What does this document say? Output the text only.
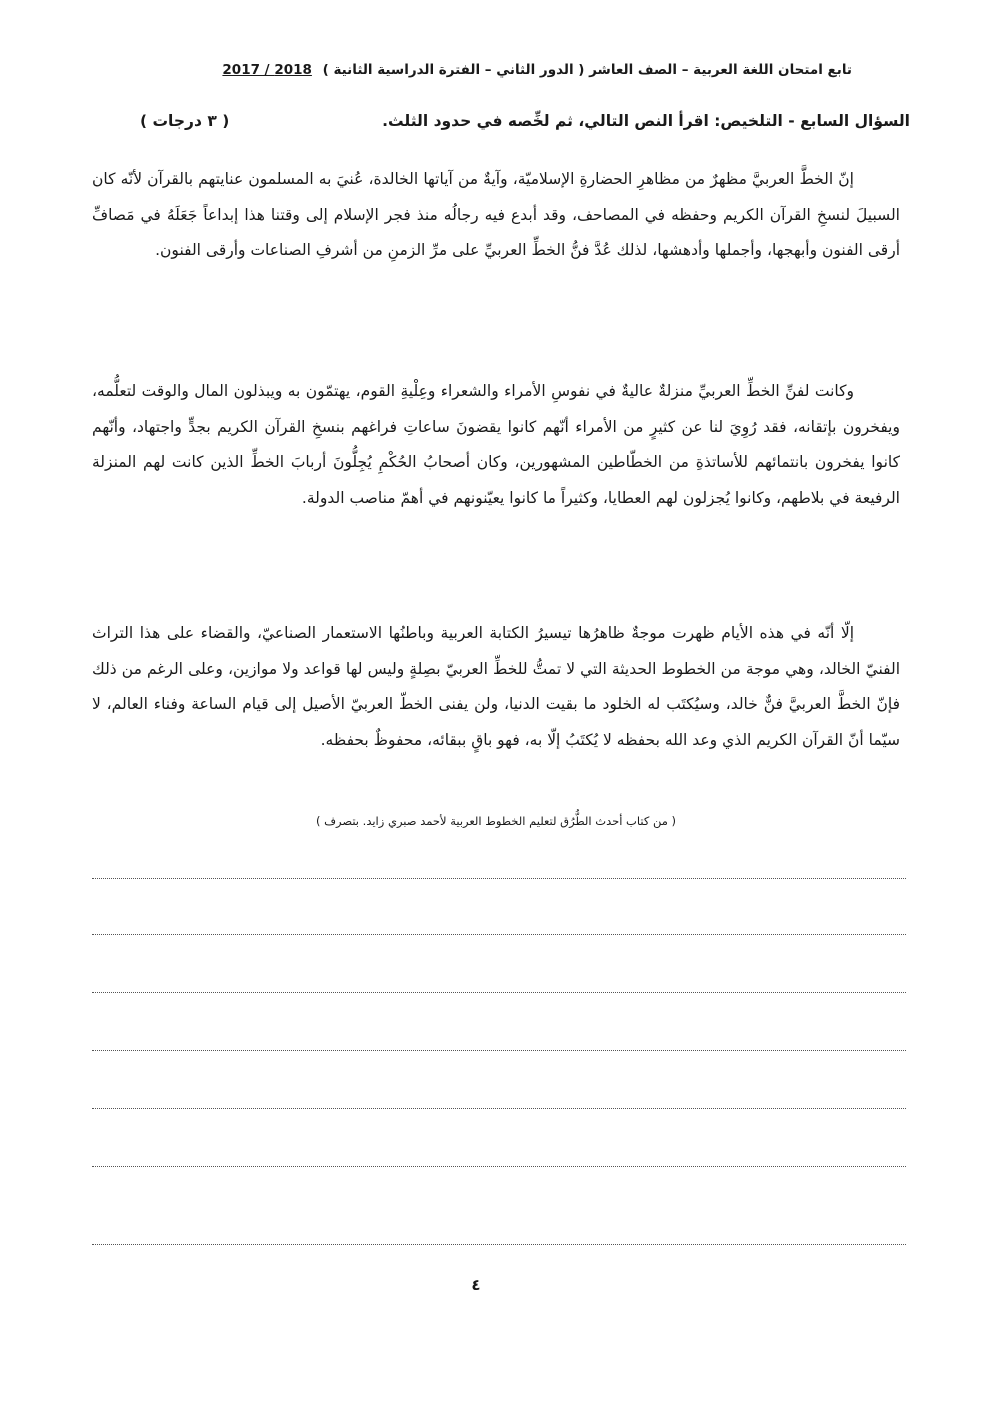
تابع امتحان اللغة العربية – الصف العاشر ( الدور الثاني – الفترة الدراسية الثانية ) 2018 / 2017
السؤال السابع - التلخيص: اقرأ النص التالي، ثم لخِّصه في حدود الثلث.
( ٣ درجات )
إنّ الخطَّ العربيَّ مظهرٌ من مظاهرِ الحضارةِ الإسلاميّة، وآيةٌ من آياتها الخالدة، عُنيَ به المسلمون عنايتهم بالقرآن لأنّه كان السبيلَ لنسخِ القرآن الكريم وحفظه في المصاحف، وقد أبدع فيه رجالُه منذ فجر الإسلام إلى وقتنا هذا إبداعاً جَعَلَهُ في مَصافِّ أرقى الفنون وأبهجها، وأجملها وأدهشها، لذلك عُدَّ فنُّ الخطِّ العربيِّ على مرِّ الزمنِ من أشرفِ الصناعات وأرقى الفنون.
وكانت لفنِّ الخطِّ العربيِّ منزلةٌ عاليةٌ في نفوسِ الأمراء والشعراء وعِلْيةِ القوم، يهتمّون به ويبذلون المال والوقت لتعلُّمه، ويفخرون بإتقانه، فقد رُوِيَ لنا عن كثيرٍ من الأمراء أنّهم كانوا يقضونَ ساعاتِ فراغهم بنسخِ القرآن الكريم بجدٍّ واجتهاد، وأنّهم كانوا يفخرون بانتمائهم للأساتذةِ من الخطّاطين المشهورين، وكان أصحابُ الحُكْمِ يُجِلُّونَ أربابَ الخطِّ الذين كانت لهم المنزلة الرفيعة في بلاطهم، وكانوا يُجزلون لهم العطايا، وكثيراً ما كانوا يعيّنونهم في أهمّ مناصب الدولة.
إلّا أنّه في هذه الأيام ظهرت موجةٌ ظاهرُها تيسيرُ الكتابة العربية وباطنُها الاستعمار الصناعيّ، والقضاء على هذا التراث الفنيّ الخالد، وهي موجة من الخطوط الحديثة التي لا تمتُّ للخطِّ العربيّ بصِلةٍ وليس لها قواعد ولا موازين، وعلى الرغم من ذلك فإنّ الخطَّ العربيَّ فنٌّ خالد، وسيُكتَب له الخلود ما بقيت الدنيا، ولن يفنى الخطّ العربيّ الأصيل إلى قيام الساعة وفناء العالم، لا سيّما أنّ القرآن الكريم الذي وعد الله بحفظه لا يُكتَبُ إلّا به، فهو باقٍ ببقائه، محفوظٌ بحفظه.
( من كتاب أحدث الطُّرُق لتعليم الخطوط العربية لأحمد صبري زايد. بتصرف )
٤
